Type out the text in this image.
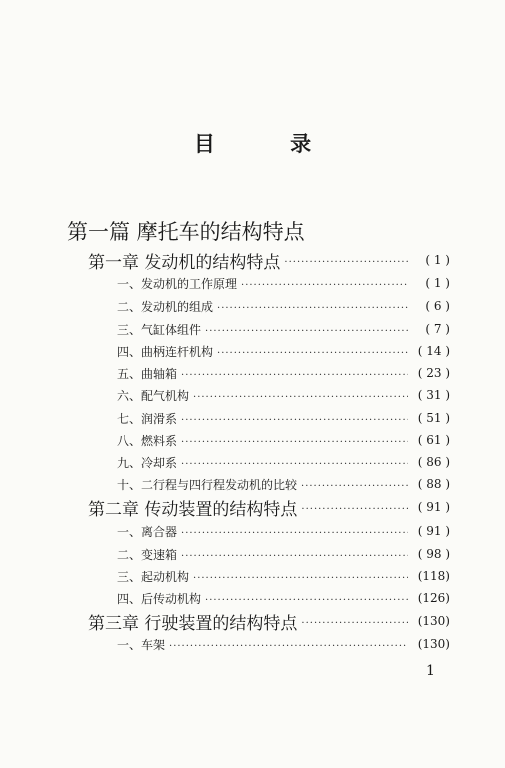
目 录
第一篇 摩托车的结构特点
第一章 发动机的结构特点 ·····	( 1 )
一、发动机的工作原理 ·····	( 1 )
二、发动机的组成 ·····	( 6 )
三、气缸体组件 ·····	( 7 )
四、曲柄连杆机构 ·····	( 14 )
五、曲轴箱 ·····	( 23 )
六、配气机构 ·····	( 31 )
七、润滑系 ·····	( 51 )
八、燃料系 ·····	( 61 )
九、冷却系 ·····	( 86 )
十、二行程与四行程发动机的比较 ·····	( 88 )
第二章 传动装置的结构特点 ·····	( 91 )
一、离合器 ·····	( 91 )
二、变速箱 ·····	( 98 )
三、起动机构 ·····	(118)
四、后传动机构 ·····	(126)
第三章 行驶装置的结构特点 ·····	(130)
一、车架 ·····	(130)
1
